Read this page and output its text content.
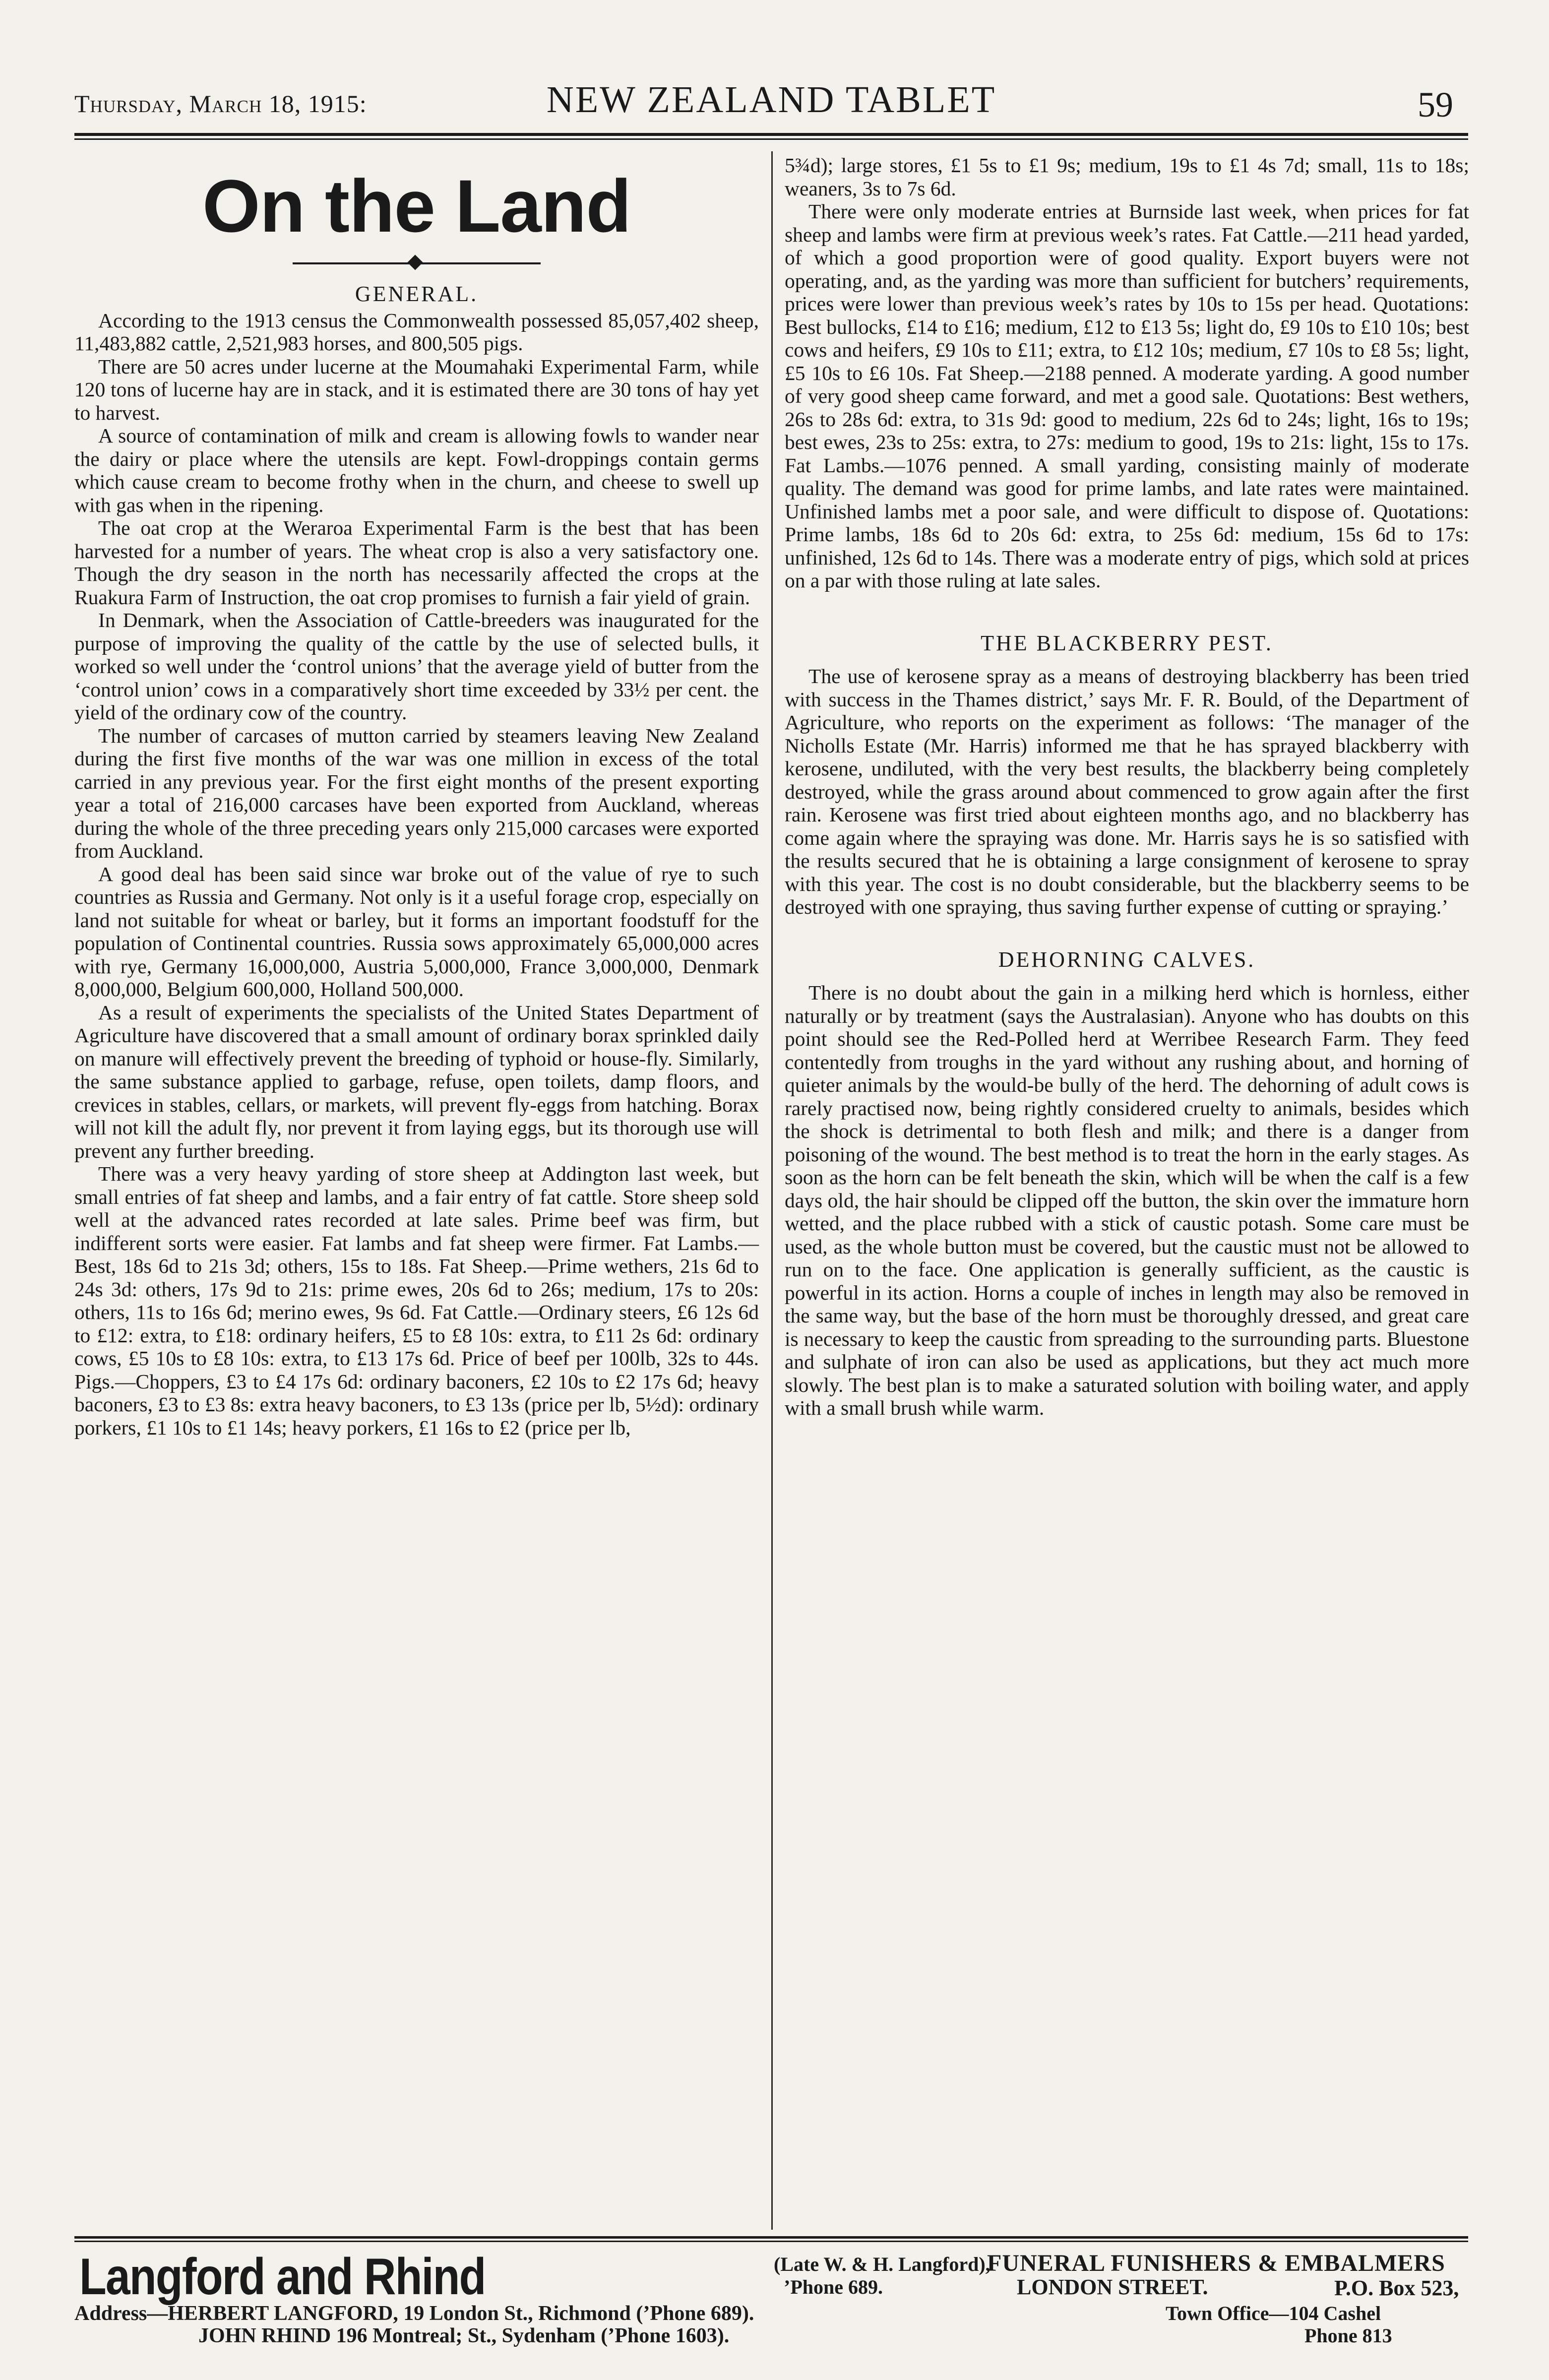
Thursday, March 18, 1915:	NEW ZEALAND TABLET	59
On the Land
GENERAL.

According to the 1913 census the Commonwealth possessed 85,057,402 sheep, 11,483,882 cattle, 2,521,983 horses, and 800,505 pigs.

There are 50 acres under lucerne at the Moumahaki Experimental Farm, while 120 tons of lucerne hay are in stack, and it is estimated there are 30 tons of hay yet to harvest.

A source of contamination of milk and cream is allowing fowls to wander near the dairy or place where the utensils are kept. Fowl-droppings contain germs which cause cream to become frothy when in the churn, and cheese to swell up with gas when in the ripening.

The oat crop at the Weraroa Experimental Farm is the best that has been harvested for a number of years. The wheat crop is also a very satisfactory one. Though the dry season in the north has necessarily affected the crops at the Ruakura Farm of Instruction, the oat crop promises to furnish a fair yield of grain.

In Denmark, when the Association of Cattle-breeders was inaugurated for the purpose of improving the quality of the cattle by the use of selected bulls, it worked so well under the ‘control unions’ that the average yield of butter from the ‘control union’ cows in a comparatively short time exceeded by 33½ per cent. the yield of the ordinary cow of the country.

The number of carcases of mutton carried by steamers leaving New Zealand during the first five months of the war was one million in excess of the total carried in any previous year. For the first eight months of the present exporting year a total of 216,000 carcases have been exported from Auckland, whereas during the whole of the three preceding years only 215,000 carcases were exported from Auckland.

A good deal has been said since war broke out of the value of rye to such countries as Russia and Germany. Not only is it a useful forage crop, especially on land not suitable for wheat or barley, but it forms an important foodstuff for the population of Continental countries. Russia sows approximately 65,000,000 acres with rye, Germany 16,000,000, Austria 5,000,000, France 3,000,000, Denmark 8,000,000, Belgium 600,000, Holland 500,000.

As a result of experiments the specialists of the United States Department of Agriculture have discovered that a small amount of ordinary borax sprinkled daily on manure will effectively prevent the breeding of typhoid or house-fly. Similarly, the same substance applied to garbage, refuse, open toilets, damp floors, and crevices in stables, cellars, or markets, will prevent fly-eggs from hatching. Borax will not kill the adult fly, nor prevent it from laying eggs, but its thorough use will prevent any further breeding.

There was a very heavy yarding of store sheep at Addington last week, but small entries of fat sheep and lambs, and a fair entry of fat cattle. Store sheep sold well at the advanced rates recorded at late sales. Prime beef was firm, but indifferent sorts were easier. Fat lambs and fat sheep were firmer. Fat Lambs.—Best, 18s 6d to 21s 3d; others, 15s to 18s. Fat Sheep.—Prime wethers, 21s 6d to 24s 3d: others, 17s 9d to 21s: prime ewes, 20s 6d to 26s; medium, 17s to 20s: others, 11s to 16s 6d; merino ewes, 9s 6d. Fat Cattle.—Ordinary steers, £6 12s 6d to £12: extra, to £18: ordinary heifers, £5 to £8 10s: extra, to £11 2s 6d: ordinary cows, £5 10s to £8 10s: extra, to £13 17s 6d. Price of beef per 100lb, 32s to 44s. Pigs.—Choppers, £3 to £4 17s 6d: ordinary baconers, £2 10s to £2 17s 6d; heavy baconers, £3 to £3 8s: extra heavy baconers, to £3 13s (price per lb, 5½d): ordinary porkers, £1 10s to £1 14s; heavy porkers, £1 16s to £2 (price per lb,

5¾d); large stores, £1 5s to £1 9s; medium, 19s to £1 4s 7d; small, 11s to 18s; weaners, 3s to 7s 6d.

There were only moderate entries at Burnside last week, when prices for fat sheep and lambs were firm at previous week’s rates. Fat Cattle.—211 head yarded, of which a good proportion were of good quality. Export buyers were not operating, and, as the yarding was more than sufficient for butchers’ requirements, prices were lower than previous week’s rates by 10s to 15s per head. Quotations: Best bullocks, £14 to £16; medium, £12 to £13 5s; light do, £9 10s to £10 10s; best cows and heifers, £9 10s to £11; extra, to £12 10s; medium, £7 10s to £8 5s; light, £5 10s to £6 10s. Fat Sheep.—2188 penned. A moderate yarding. A good number of very good sheep came forward, and met a good sale. Quotations: Best wethers, 26s to 28s 6d: extra, to 31s 9d: good to medium, 22s 6d to 24s; light, 16s to 19s; best ewes, 23s to 25s: extra, to 27s: medium to good, 19s to 21s: light, 15s to 17s. Fat Lambs.—1076 penned. A small yarding, consisting mainly of moderate quality. The demand was good for prime lambs, and late rates were maintained. Unfinished lambs met a poor sale, and were difficult to dispose of. Quotations: Prime lambs, 18s 6d to 20s 6d: extra, to 25s 6d: medium, 15s 6d to 17s: unfinished, 12s 6d to 14s. There was a moderate entry of pigs, which sold at prices on a par with those ruling at late sales.

THE BLACKBERRY PEST.

The use of kerosene spray as a means of destroying blackberry has been tried with success in the Thames district,’ says Mr. F. R. Bould, of the Department of Agriculture, who reports on the experiment as follows: ‘The manager of the Nicholls Estate (Mr. Harris) informed me that he has sprayed blackberry with kerosene, undiluted, with the very best results, the blackberry being completely destroyed, while the grass around about commenced to grow again after the first rain. Kerosene was first tried about eighteen months ago, and no blackberry has come again where the spraying was done. Mr. Harris says he is so satisfied with the results secured that he is obtaining a large consignment of kerosene to spray with this year. The cost is no doubt considerable, but the blackberry seems to be destroyed with one spraying, thus saving further expense of cutting or spraying.’

DEHORNING CALVES.

There is no doubt about the gain in a milking herd which is hornless, either naturally or by treatment (says the Australasian). Anyone who has doubts on this point should see the Red-Polled herd at Werribee Research Farm. They feed contentedly from troughs in the yard without any rushing about, and horning of quieter animals by the would-be bully of the herd. The dehorning of adult cows is rarely practised now, being rightly considered cruelty to animals, besides which the shock is detrimental to both flesh and milk; and there is a danger from poisoning of the wound. The best method is to treat the horn in the early stages. As soon as the horn can be felt beneath the skin, which will be when the calf is a few days old, the hair should be clipped off the button, the skin over the immature horn wetted, and the place rubbed with a stick of caustic potash. Some care must be used, as the whole button must be covered, but the caustic must not be allowed to run on to the face. One application is generally sufficient, as the caustic is powerful in its action. Horns a couple of inches in length may also be removed in the same way, but the base of the horn must be thoroughly dressed, and great care is necessary to keep the caustic from spreading to the surrounding parts. Bluestone and sulphate of iron can also be used as applications, but they act much more slowly. The best plan is to make a saturated solution with boiling water, and apply with a small brush while warm.

Langford and Rhind	(Late W. & H. Langford),
’Phone 689.
FUNERAL FUNISHERS & EMBALMERS
LONDON STREET.	P.O. Box 523,
Address—HERBERT LANGFORD, 19 London St., Richmond (’Phone 689).	Town Office—104 Cashel
JOHN RHIND 196 Montreal; St., Sydenham (’Phone 1603).	Phone 813
